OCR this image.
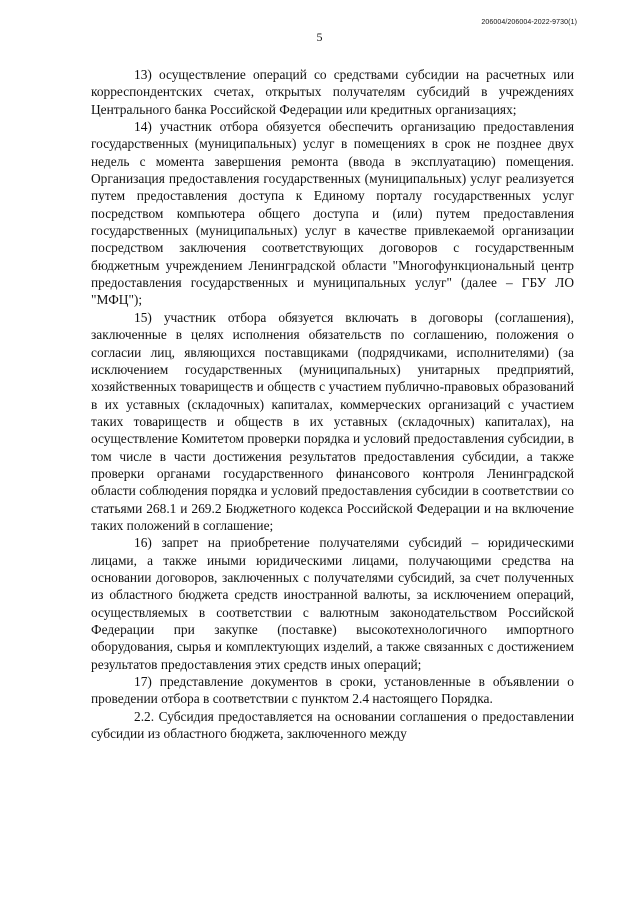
5
206004/206004-2022-9730(1)

13) осуществление операций со средствами субсидии на расчетных или корреспондентских счетах, открытых получателям субсидий в учреждениях Центрального банка Российской Федерации или кредитных организациях;

14) участник отбора обязуется обеспечить организацию предоставления государственных (муниципальных) услуг в помещениях в срок не позднее двух недель с момента завершения ремонта (ввода в эксплуатацию) помещения. Организация предоставления государственных (муниципальных) услуг реализуется путем предоставления доступа к Единому порталу государственных услуг посредством компьютера общего доступа и (или) путем предоставления государственных (муниципальных) услуг в качестве привлекаемой организации посредством заключения соответствующих договоров с государственным бюджетным учреждением Ленинградской области "Многофункциональный центр предоставления государственных и муниципальных услуг" (далее – ГБУ ЛО "МФЦ");

15) участник отбора обязуется включать в договоры (соглашения), заключенные в целях исполнения обязательств по соглашению, положения о согласии лиц, являющихся поставщиками (подрядчиками, исполнителями) (за исключением государственных (муниципальных) унитарных предприятий, хозяйственных товариществ и обществ с участием публично-правовых образований в их уставных (складочных) капиталах, коммерческих организаций с участием таких товариществ и обществ в их уставных (складочных) капиталах), на осуществление Комитетом проверки порядка и условий предоставления субсидии, в том числе в части достижения результатов предоставления субсидии, а также проверки органами государственного финансового контроля Ленинградской области соблюдения порядка и условий предоставления субсидии в соответствии со статьями 268.1 и 269.2 Бюджетного кодекса Российской Федерации и на включение таких положений в соглашение;

16) запрет на приобретение получателями субсидий – юридическими лицами, а также иными юридическими лицами, получающими средства на основании договоров, заключенных с получателями субсидий, за счет полученных из областного бюджета средств иностранной валюты, за исключением операций, осуществляемых в соответствии с валютным законодательством Российской Федерации при закупке (поставке) высокотехнологичного импортного оборудования, сырья и комплектующих изделий, а также связанных с достижением результатов предоставления этих средств иных операций;

17) представление документов в сроки, установленные в объявлении о проведении отбора в соответствии с пунктом 2.4 настоящего Порядка.

2.2. Субсидия предоставляется на основании соглашения о предоставлении субсидии из областного бюджета, заключенного между
